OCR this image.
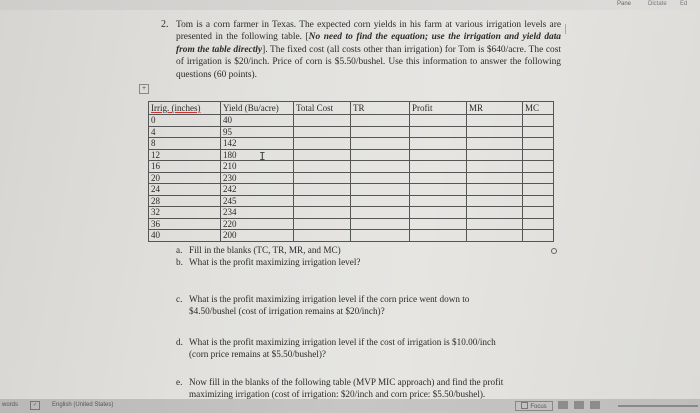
Pane	Dictate Ed
2. Tom is a corn farmer in Texas. The expected corn yields in his farm at various irrigation levels are presented in the following table. [No need to find the equation; use the irrigation and yield data from the table directly]. The fixed cost (all costs other than irrigation) for Tom is $640/acre. The cost of irrigation is $20/inch. Price of corn is $5.50/bushel. Use this information to answer the following questions (60 points).
+
Irrig. (inches)	Yield (Bu/acre)	Total Cost	TR	Profit	MR	MC
0	40					
4	95					
8	142					
12	180					
16	210					
20	230					
24	242					
28	245					
32	234					
36	220					
40	200					
I
a. Fill in the blanks (TC, TR, MR, and MC)
b. What is the profit maximizing irrigation level?
c. What is the profit maximizing irrigation level if the corn price went down to
$4.50/bushel (cost of irrigation remains at $20/inch)?
d. What is the profit maximizing irrigation level if the cost of irrigation is $10.00/inch
(corn price remains at $5.50/bushel)?
e. Now fill in the blanks of the following table (MVP MIC approach) and find the profit
maximizing irrigation (cost of irrigation: $20/inch and corn price: $5.50/bushel).
words	✓	English (United States)	Focus
